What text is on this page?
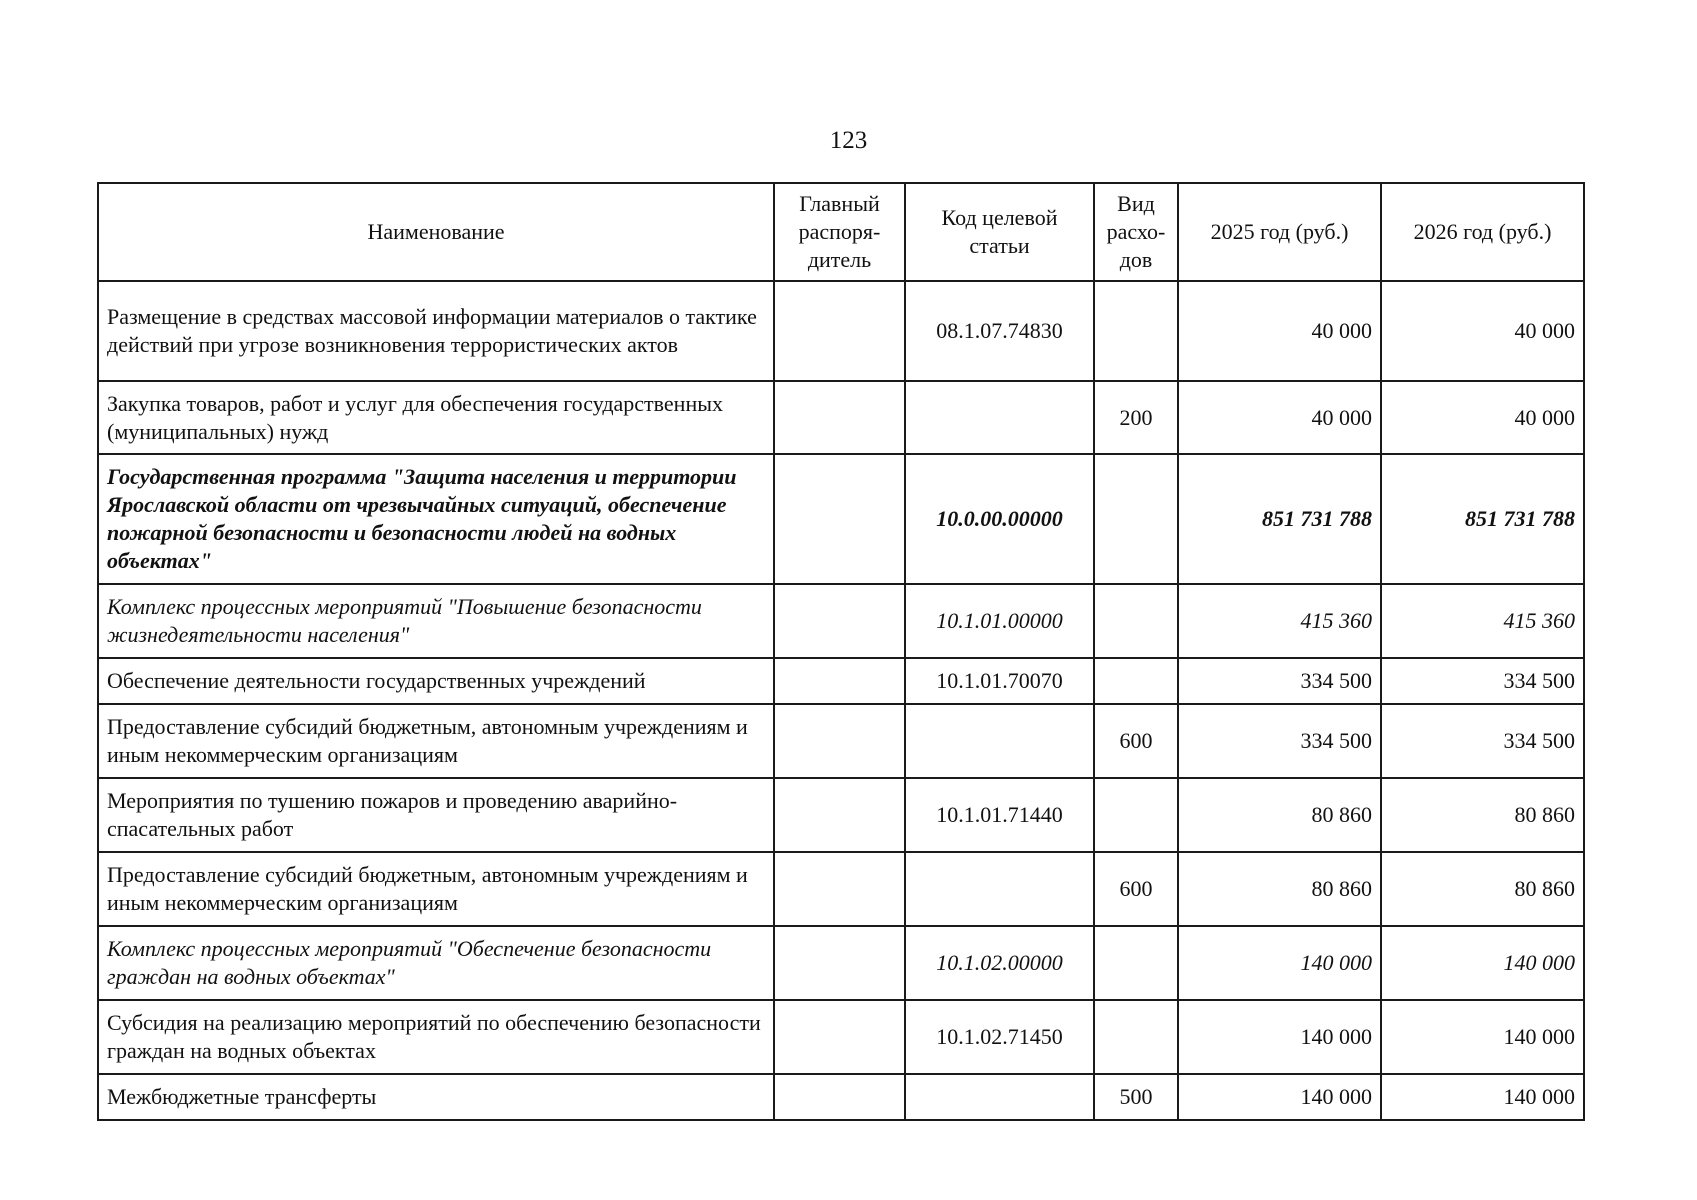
123
Наименование	Главный распоря-дитель	Код целевой статьи	Вид расхо-дов	2025 год (руб.)	2026 год (руб.)
Размещение в средствах массовой информации материалов о тактике действий при угрозе возникновения террористических актов		08.1.07.74830		40 000	40 000
Закупка товаров, работ и услуг для обеспечения государственных (муниципальных) нужд			200	40 000	40 000
Государственная программа "Защита населения и территории Ярославской области от чрезвычайных ситуаций, обеспечение пожарной безопасности и безопасности людей на водных объектах"		10.0.00.00000		851 731 788	851 731 788
Комплекс процессных мероприятий "Повышение безопасности жизнедеятельности населения"		10.1.01.00000		415 360	415 360
Обеспечение деятельности государственных учреждений		10.1.01.70070		334 500	334 500
Предоставление субсидий бюджетным, автономным учреждениям и иным некоммерческим организациям			600	334 500	334 500
Мероприятия по тушению пожаров и проведению аварийно-спасательных работ		10.1.01.71440		80 860	80 860
Предоставление субсидий бюджетным, автономным учреждениям и иным некоммерческим организациям			600	80 860	80 860
Комплекс процессных мероприятий "Обеспечение безопасности граждан на водных объектах"		10.1.02.00000		140 000	140 000
Субсидия на реализацию мероприятий по обеспечению безопасности граждан на водных объектах		10.1.02.71450		140 000	140 000
Межбюджетные трансферты			500	140 000	140 000
